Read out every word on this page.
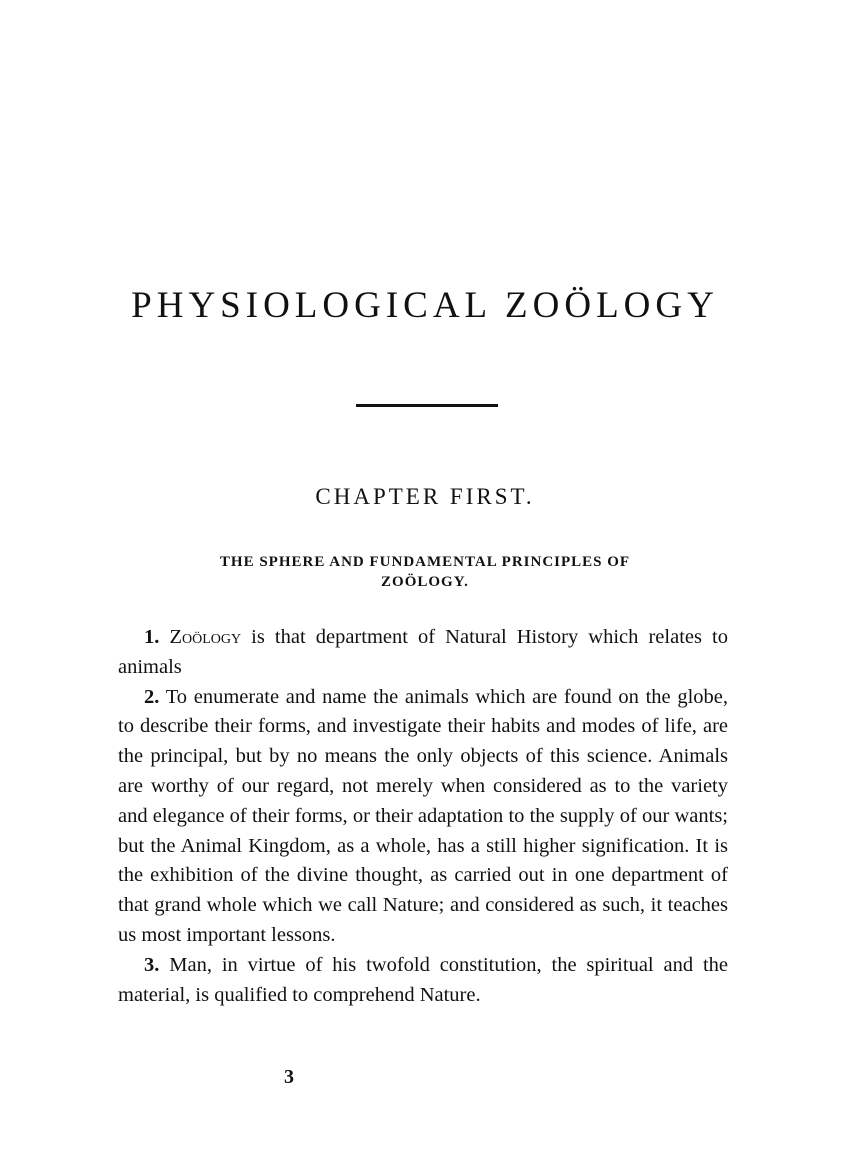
PHYSIOLOGICAL ZOÖLOGY
CHAPTER FIRST.
THE SPHERE AND FUNDAMENTAL PRINCIPLES OF
ZOÖLOGY.

1. Zoölogy is that department of Natural History which relates to animals

2. To enumerate and name the animals which are found on the globe, to describe their forms, and investigate their habits and modes of life, are the principal, but by no means the only objects of this science. Animals are worthy of our regard, not merely when considered as to the variety and elegance of their forms, or their adaptation to the supply of our wants; but the Animal Kingdom, as a whole, has a still higher signification. It is the exhibition of the divine thought, as carried out in one department of that grand whole which we call Nature; and considered as such, it teaches us most important lessons.

3. Man, in virtue of his twofold constitution, the spiritual and the material, is qualified to comprehend Nature.

3
